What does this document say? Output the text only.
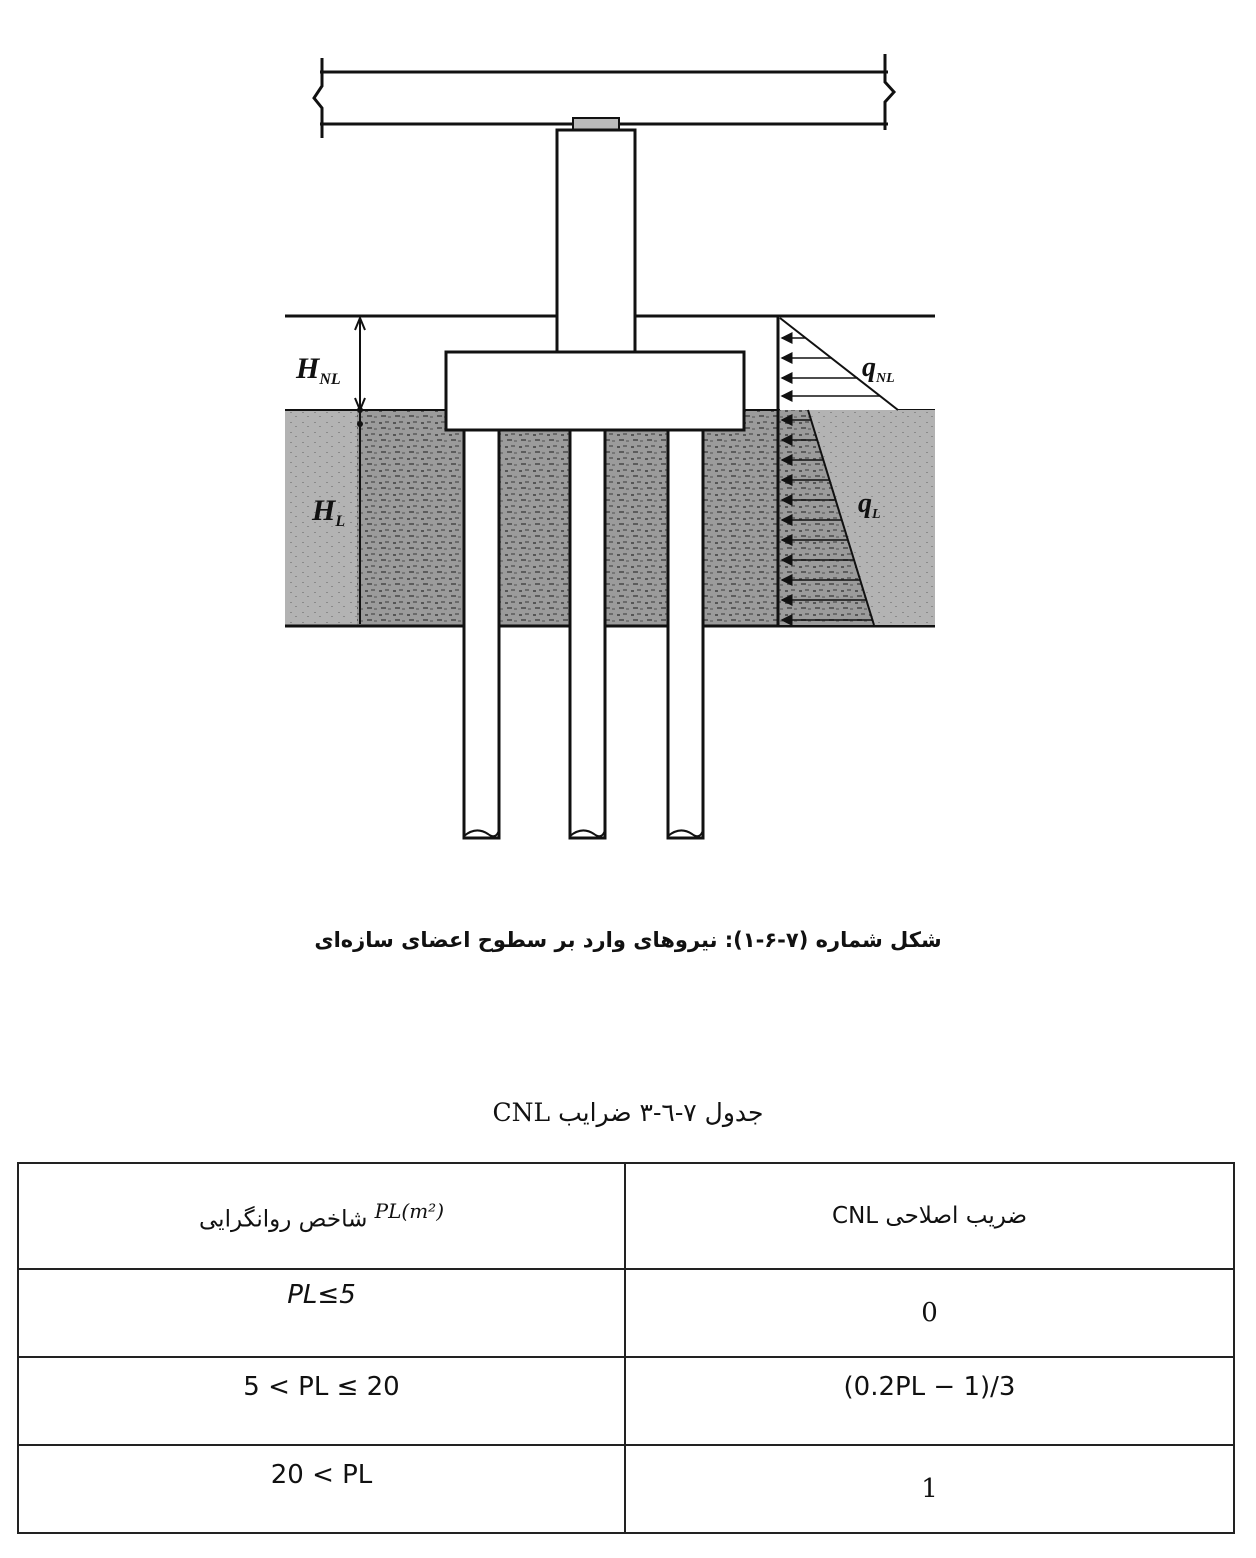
$H_{NL}$
$H_L$
$q_{NL}$
$q_L$
شکل شماره (۷-۶-۱): نیروهای وارد بر سطوح اعضای سازه‌ای
جدول ۷-٦-۳ ضرایب CNL
شاخص روانگرایی $^{PL(m^2)}$	ضریب اصلاحی CNL
PL≤5	0
5 < PL ≤ 20	(0.2PL − 1)/3
20 < PL	1
